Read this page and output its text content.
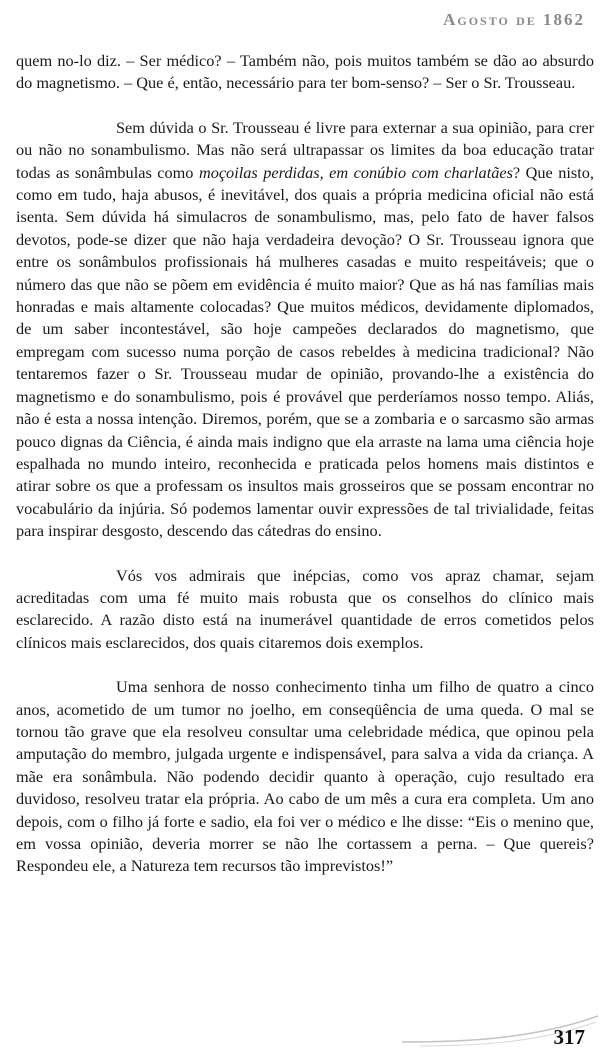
Agosto de 1862

quem no-lo diz. – Ser médico? – Também não, pois muitos também se dão ao absurdo do magnetismo. – Que é, então, necessário para ter bom-senso? – Ser o Sr. Trousseau.

Sem dúvida o Sr. Trousseau é livre para externar a sua opinião, para crer ou não no sonambulismo. Mas não será ultrapassar os limites da boa educação tratar todas as sonâmbulas como moçoilas perdidas, em conúbio com charlatães? Que nisto, como em tudo, haja abusos, é inevitável, dos quais a própria medicina oficial não está isenta. Sem dúvida há simulacros de sonambulismo, mas, pelo fato de haver falsos devotos, pode-se dizer que não haja verdadeira devoção? O Sr. Trousseau ignora que entre os sonâmbulos profissionais há mulheres casadas e muito respeitáveis; que o número das que não se põem em evidência é muito maior? Que as há nas famílias mais honradas e mais altamente colocadas? Que muitos médicos, devidamente diplomados, de um saber incontestável, são hoje campeões declarados do magnetismo, que empregam com sucesso numa porção de casos rebeldes à medicina tradicional? Não tentaremos fazer o Sr. Trousseau mudar de opinião, provando-lhe a existência do magnetismo e do sonambulismo, pois é provável que perderíamos nosso tempo. Aliás, não é esta a nossa intenção. Diremos, porém, que se a zombaria e o sarcasmo são armas pouco dignas da Ciência, é ainda mais indigno que ela arraste na lama uma ciência hoje espalhada no mundo inteiro, reconhecida e praticada pelos homens mais distintos e atirar sobre os que a professam os insultos mais grosseiros que se possam encontrar no vocabulário da injúria. Só podemos lamentar ouvir expressões de tal trivialidade, feitas para inspirar desgosto, descendo das cátedras do ensino.

Vós vos admirais que inépcias, como vos apraz chamar, sejam acreditadas com uma fé muito mais robusta que os conselhos do clínico mais esclarecido. A razão disto está na inumerável quantidade de erros cometidos pelos clínicos mais esclarecidos, dos quais citaremos dois exemplos.

Uma senhora de nosso conhecimento tinha um filho de quatro a cinco anos, acometido de um tumor no joelho, em conseqüência de uma queda. O mal se tornou tão grave que ela resolveu consultar uma celebridade médica, que opinou pela amputação do membro, julgada urgente e indispensável, para salva a vida da criança. A mãe era sonâmbula. Não podendo decidir quanto à operação, cujo resultado era duvidoso, resolveu tratar ela própria. Ao cabo de um mês a cura era completa. Um ano depois, com o filho já forte e sadio, ela foi ver o médico e lhe disse: “Eis o menino que, em vossa opinião, deveria morrer se não lhe cortassem a perna. – Que quereis? Respondeu ele, a Natureza tem recursos tão imprevistos!”

317
